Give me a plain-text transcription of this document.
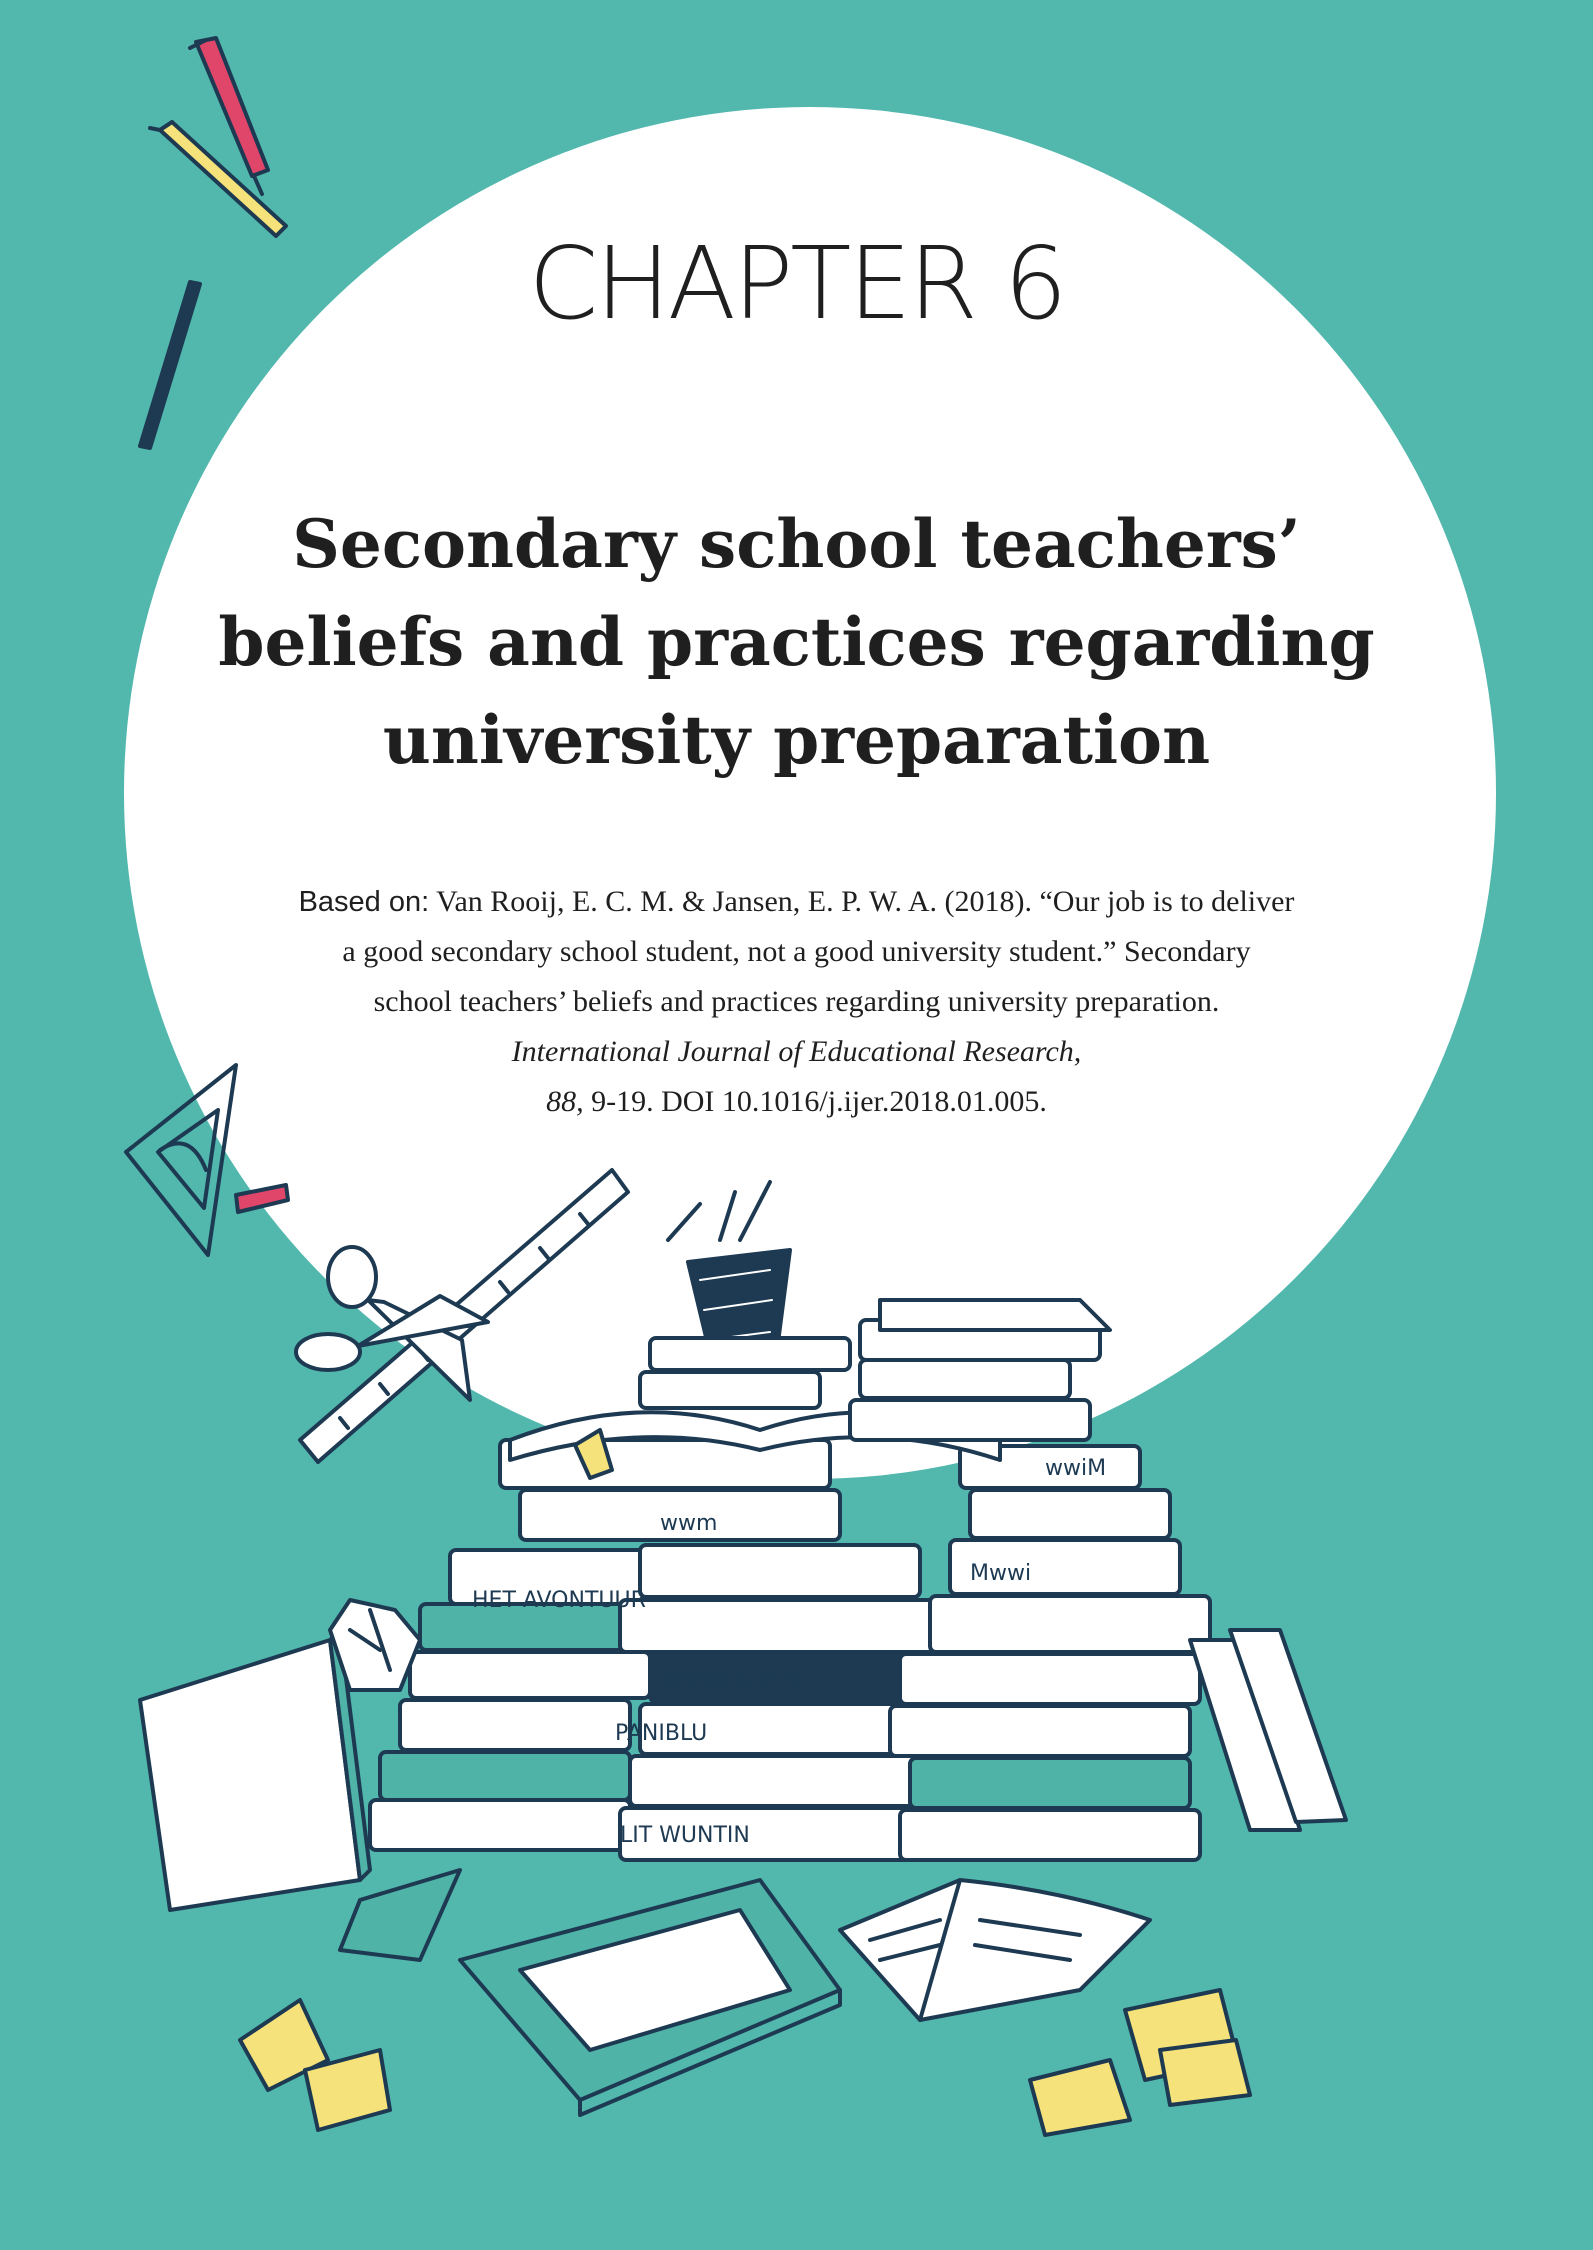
CHAPTER 6
Secondary school teachers’
beliefs and practices regarding
university preparation
Based on: Van Rooij, E. C. M. & Jansen, E. P. W. A. (2018). “Our job is to deliver
a good secondary school student, not a good university student.” Secondary
school teachers’ beliefs and practices regarding university preparation.
International Journal of Educational Research,
88, 9-19. DOI 10.1016/j.ijer.2018.01.005.
HET AVONTUUR
POPULATION
PANIBLU
LIT WUNTIN
Mwwi
wwiM
wwm
